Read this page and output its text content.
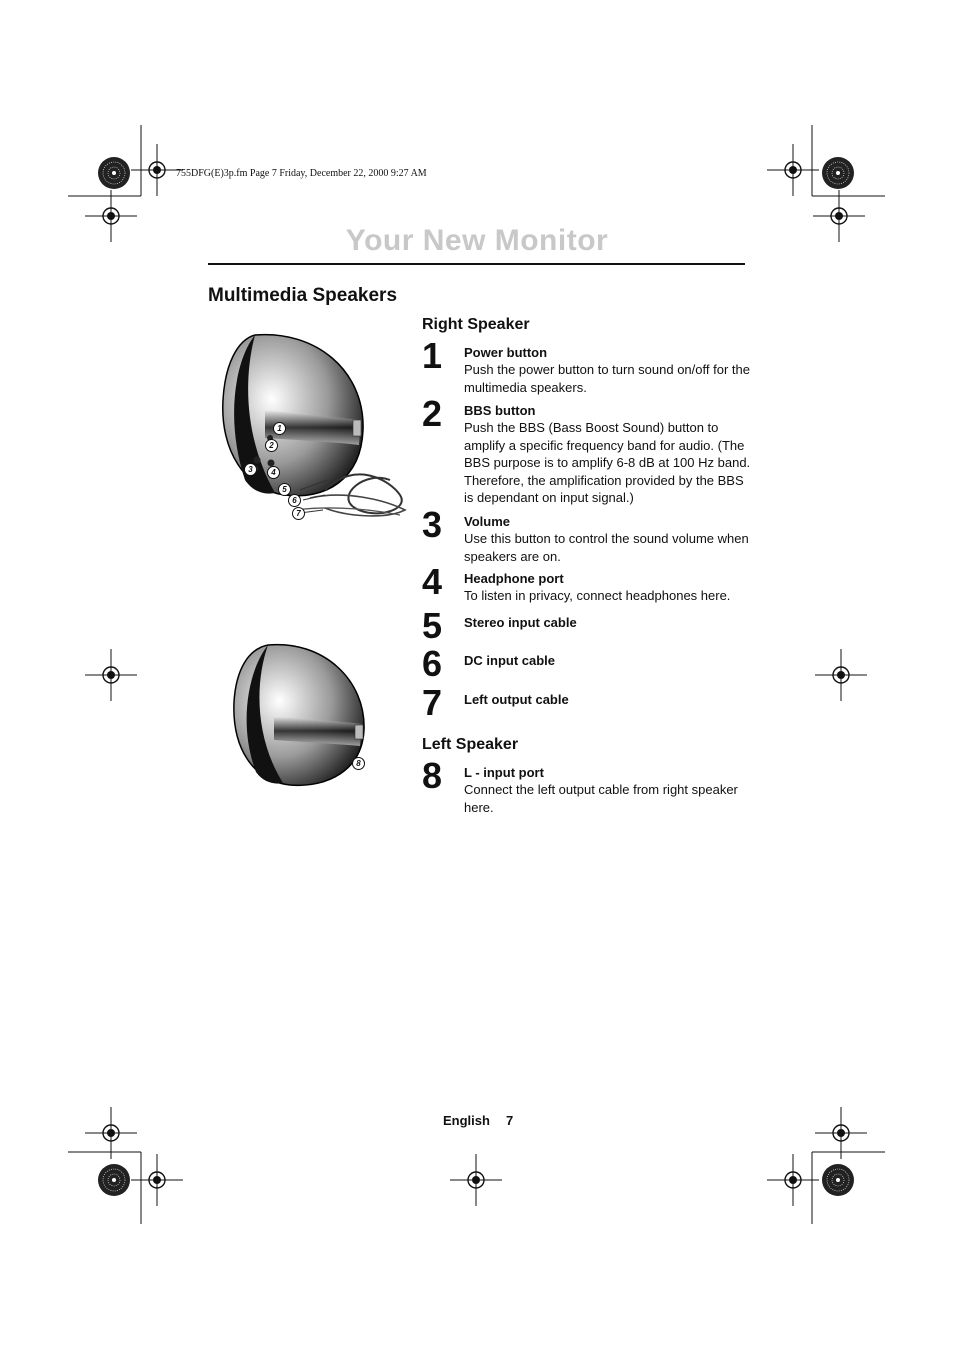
755DFG(E)3p.fm Page 7 Friday, December 22, 2000 9:27 AM
Your New Monitor
Multimedia Speakers
1
2
3	4
5
6
7
8
Right Speaker
1	Power button
Push the power button to turn sound on/off for the multimedia speakers.
2	BBS button
Push the BBS (Bass Boost Sound) button to amplify a specific frequency band for audio. (The BBS purpose is to amplify 6-8 dB at 100 Hz band. Therefore, the amplification provided by the BBS is dependant on input signal.)
3	Volume
Use this button to control the sound volume when speakers are on.
4	Headphone port
To listen in privacy, connect headphones here.
5	Stereo input cable
6	DC input cable
7	Left output cable
Left Speaker
8	L - input port
Connect the left output cable from right speaker here.
English 7
